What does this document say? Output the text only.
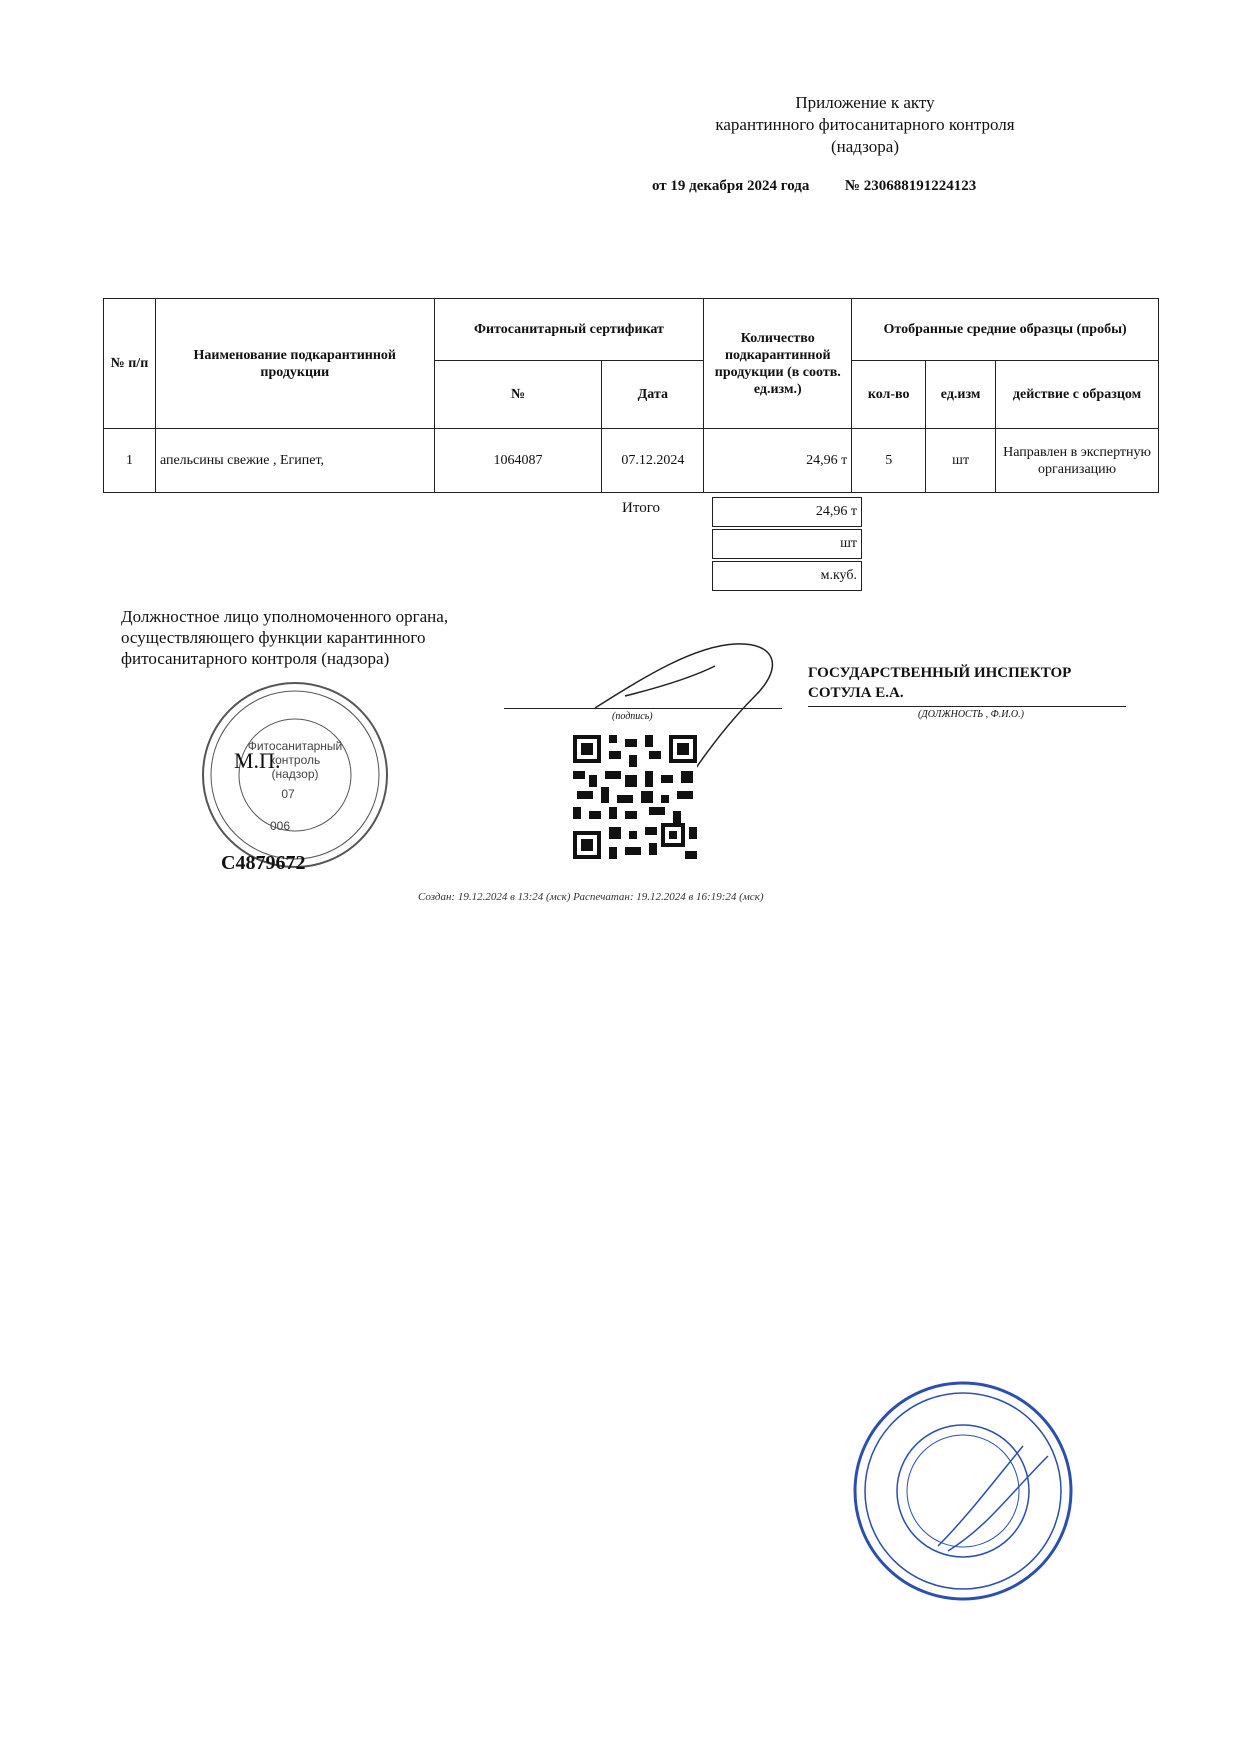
Приложение к акту
карантинного фитосанитарного контроля
(надзора)
от 19 декабря 2024 года № 230688191224123
№ п/п	Наименование подкарантинной продукции	Фитосанитарный сертификат		Количество подкарантинной продукции (в соотв. ед.изм.)	Отобранные средние образцы (пробы)		
		№	Дата		кол-во	ед.изм	действие с образцом
1	апельсины свежие , Египет,	1064087	07.12.2024	24,96 т	5	шт	Направлен в экспертную организацию
Итого	24,96 т
шт
м.куб.
Должностное лицо уполномоченного органа,
осуществляющего функции карантинного
фитосанитарного контроля (надзора)
Фитосанитарный
контроль
(надзор)
07
006
М.П.
С4879672
(подпись)
ГОСУДАРСТВЕННЫЙ ИНСПЕКТОР
СОТУЛА Е.А.
(ДОЛЖНОСТЬ , Ф.И.О.)
Создан: 19.12.2024 в 13:24 (мск) Распечатан: 19.12.2024 в 16:19:24 (мск)
